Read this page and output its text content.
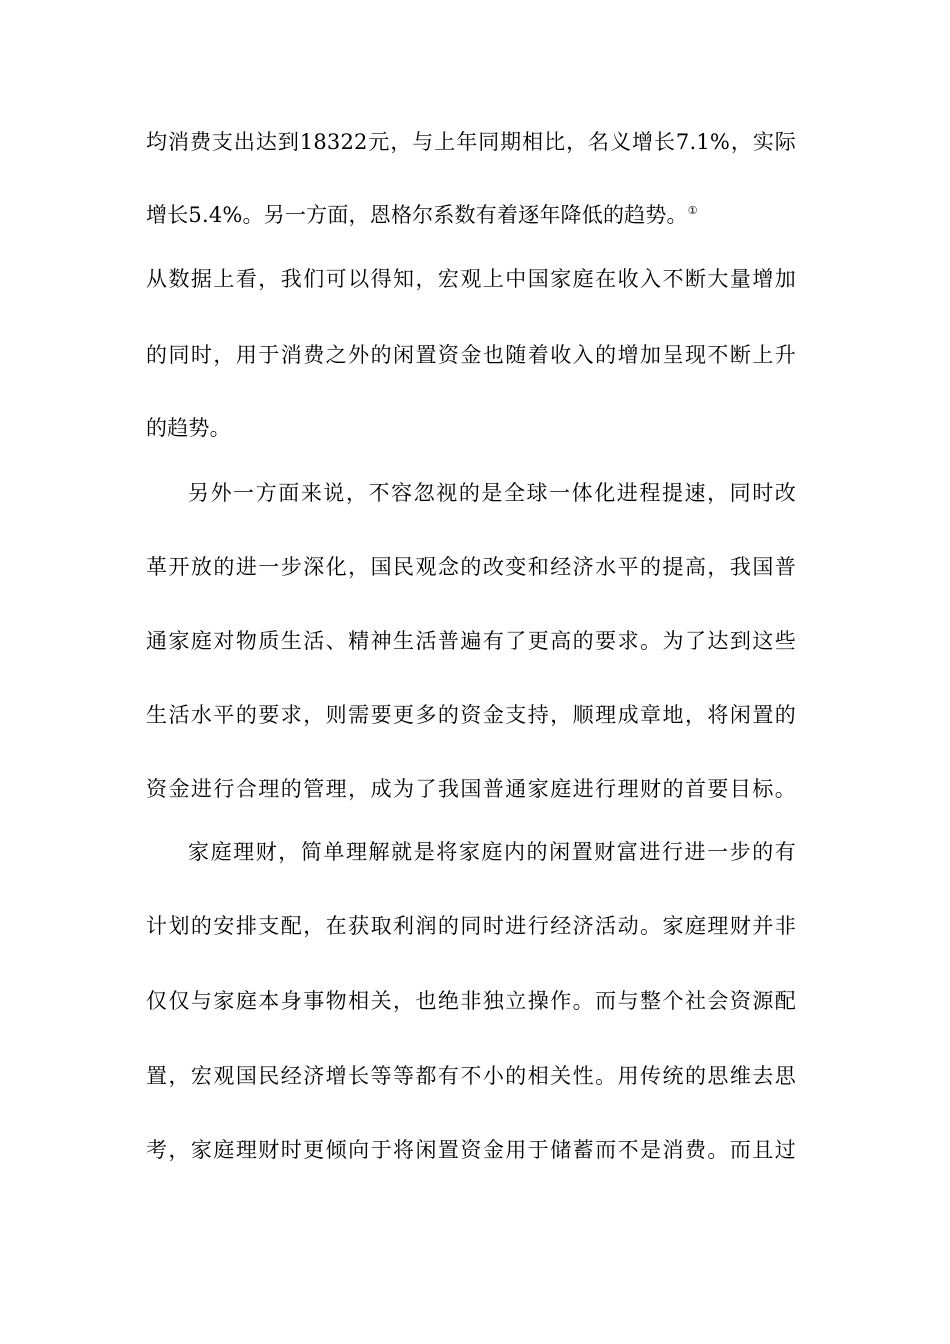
均消费支出达到18322元，与上年同期相比，名义增长7.1%，实际
增长5.4%。另一方面，恩格尔系数有着逐年降低的趋势。①
从数据上看，我们可以得知，宏观上中国家庭在收入不断大量增加
的同时，用于消费之外的闲置资金也随着收入的增加呈现不断上升
的趋势。
另外一方面来说，不容忽视的是全球一体化进程提速，同时改
革开放的进一步深化，国民观念的改变和经济水平的提高，我国普
通家庭对物质生活、精神生活普遍有了更高的要求。为了达到这些
生活水平的要求，则需要更多的资金支持，顺理成章地，将闲置的
资金进行合理的管理，成为了我国普通家庭进行理财的首要目标。
家庭理财，简单理解就是将家庭内的闲置财富进行进一步的有
计划的安排支配，在获取利润的同时进行经济活动。家庭理财并非
仅仅与家庭本身事物相关，也绝非独立操作。而与整个社会资源配
置，宏观国民经济增长等等都有不小的相关性。用传统的思维去思
考，家庭理财时更倾向于将闲置资金用于储蓄而不是消费。而且过
